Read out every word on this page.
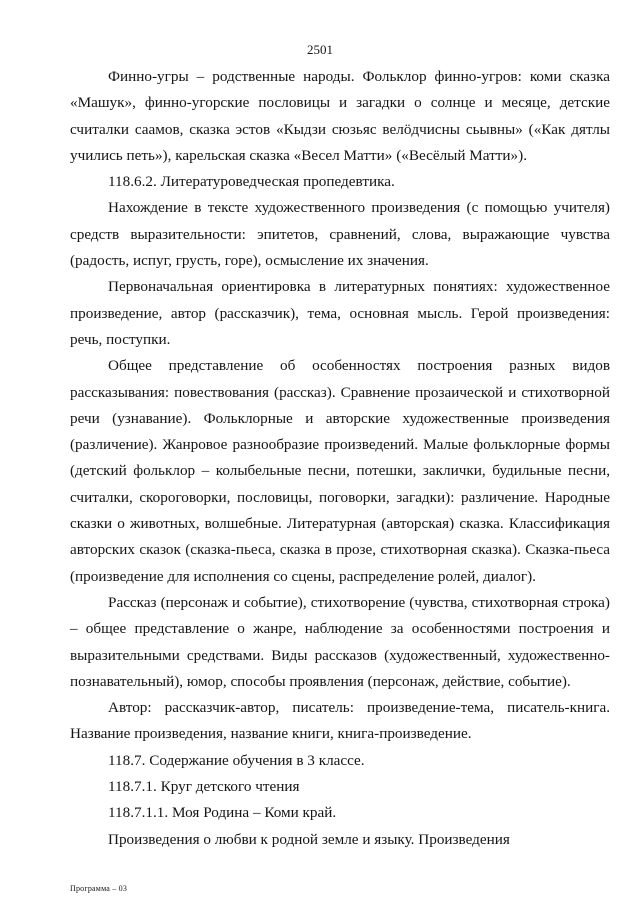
2501

Финно-угры – родственные народы. Фольклор финно-угров: коми сказка «Машук», финно-угорские пословицы и загадки о солнце и месяце, детские считалки саамов, сказка эстов «Кыдзи сюзьяс велӧдчисны сьывны» («Как дятлы учились петь»), карельская сказка «Весел Матти» («Весёлый Матти»).

118.6.2. Литературоведческая пропедевтика.

Нахождение в тексте художественного произведения (с помощью учителя) средств выразительности: эпитетов, сравнений, слова, выражающие чувства (радость, испуг, грусть, горе), осмысление их значения.

Первоначальная ориентировка в литературных понятиях: художественное произведение, автор (рассказчик), тема, основная мысль. Герой произведения: речь, поступки.

Общее представление об особенностях построения разных видов рассказывания: повествования (рассказ). Сравнение прозаической и стихотворной речи (узнавание). Фольклорные и авторские художественные произведения (различение). Жанровое разнообразие произведений. Малые фольклорные формы (детский фольклор – колыбельные песни, потешки, заклички, будильные песни, считалки, скороговорки, пословицы, поговорки, загадки): различение. Народные сказки о животных, волшебные. Литературная (авторская) сказка. Классификация авторских сказок (сказка-пьеса, сказка в прозе, стихотворная сказка). Сказка-пьеса (произведение для исполнения со сцены, распределение ролей, диалог).

Рассказ (персонаж и событие), стихотворение (чувства, стихотворная строка) – общее представление о жанре, наблюдение за особенностями построения и выразительными средствами. Виды рассказов (художественный, художественно-познавательный), юмор, способы проявления (персонаж, действие, событие).

Автор: рассказчик-автор, писатель: произведение-тема, писатель-книга. Название произведения, название книги, книга-произведение.

118.7. Содержание обучения в 3 классе.

118.7.1. Круг детского чтения

118.7.1.1. Моя Родина – Коми край.

Произведения о любви к родной земле и языку. Произведения

Программа – 03
